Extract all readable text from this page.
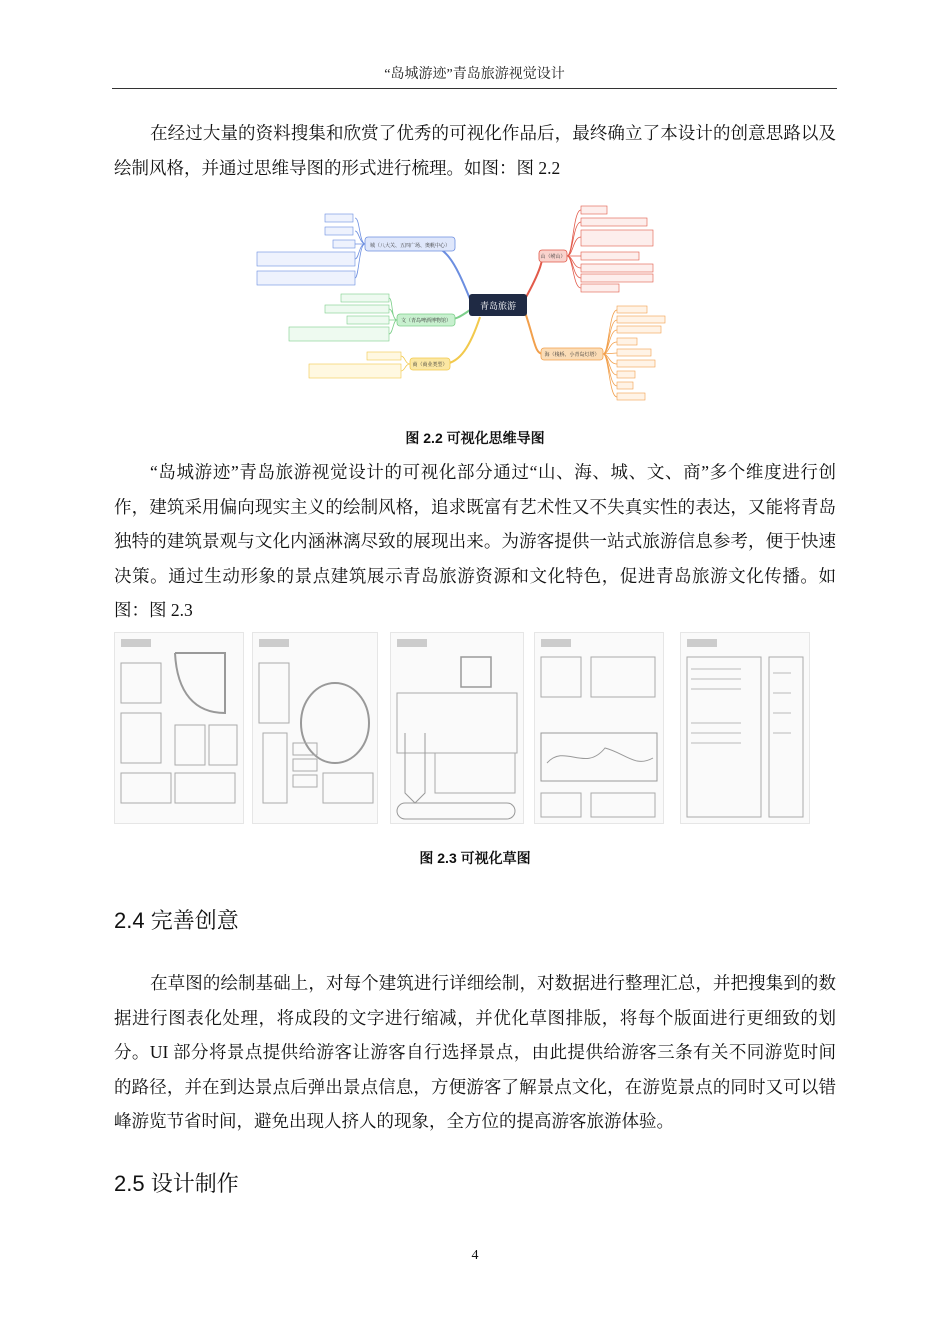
“岛城游迹”青岛旅游视觉设计

在经过大量的资料搜集和欣赏了优秀的可视化作品后，最终确立了本设计的创意思路以及绘制风格，并通过思维导图的形式进行梳理。如图：图 2.2

城（八大关、五四广场、奥帆中心）
文（青岛啤酒博物馆）
商（商业类型）
青岛旅游
山（崂山）
海（栈桥、小青岛灯塔）
图 2.2 可视化思维导图

“岛城游迹”青岛旅游视觉设计的可视化部分通过“山、海、城、文、商”多个维度进行创作，建筑采用偏向现实主义的绘制风格，追求既富有艺术性又不失真实性的表达，又能将青岛独特的建筑景观与文化内涵淋漓尽致的展现出来。为游客提供一站式旅游信息参考，便于快速决策。通过生动形象的景点建筑展示青岛旅游资源和文化特色，促进青岛旅游文化传播。如图：图 2.3

图 2.3 可视化草图
2.4 完善创意

在草图的绘制基础上，对每个建筑进行详细绘制，对数据进行整理汇总，并把搜集到的数据进行图表化处理，将成段的文字进行缩减，并优化草图排版，将每个版面进行更细致的划分。UI 部分将景点提供给游客让游客自行选择景点，由此提供给游客三条有关不同游览时间的路径，并在到达景点后弹出景点信息，方便游客了解景点文化，在游览景点的同时又可以错峰游览节省时间，避免出现人挤人的现象，全方位的提高游客旅游体验。

2.5 设计制作
4
